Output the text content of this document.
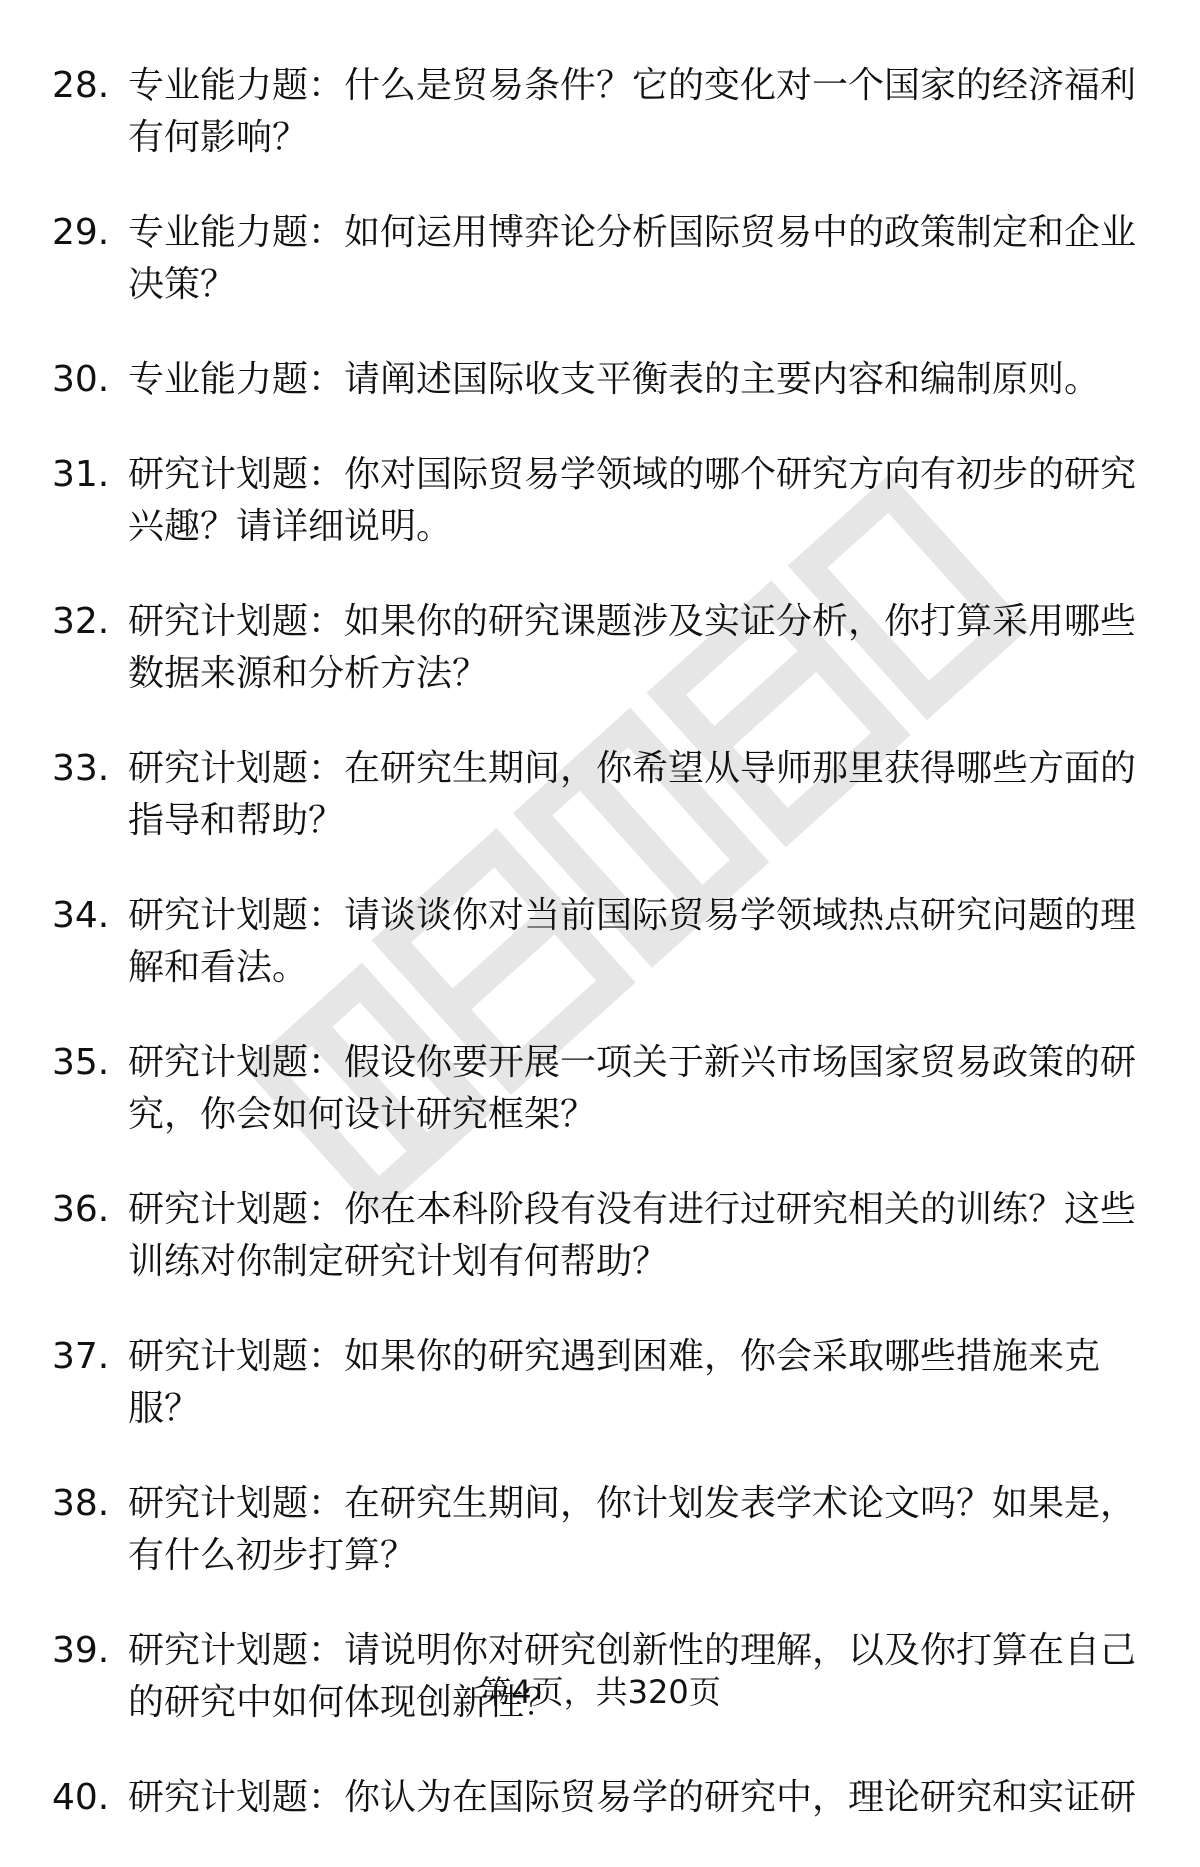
28. 专业能力题：什么是贸易条件？它的变化对一个国家的经济福利有何影响？
29. 专业能力题：如何运用博弈论分析国际贸易中的政策制定和企业决策？
30. 专业能力题：请阐述国际收支平衡表的主要内容和编制原则。
31. 研究计划题：你对国际贸易学领域的哪个研究方向有初步的研究兴趣？请详细说明。
32. 研究计划题：如果你的研究课题涉及实证分析，你打算采用哪些数据来源和分析方法？
33. 研究计划题：在研究生期间，你希望从导师那里获得哪些方面的指导和帮助？
34. 研究计划题：请谈谈你对当前国际贸易学领域热点研究问题的理解和看法。
35. 研究计划题：假设你要开展一项关于新兴市场国家贸易政策的研究，你会如何设计研究框架？
36. 研究计划题：你在本科阶段有没有进行过研究相关的训练？这些训练对你制定研究计划有何帮助？
37. 研究计划题：如果你的研究遇到困难，你会采取哪些措施来克服？
38. 研究计划题：在研究生期间，你计划发表学术论文吗？如果是，有什么初步打算？
39. 研究计划题：请说明你对研究创新性的理解，以及你打算在自己的研究中如何体现创新性？
40. 研究计划题：你认为在国际贸易学的研究中，理论研究和实证研
第4页，共320页
